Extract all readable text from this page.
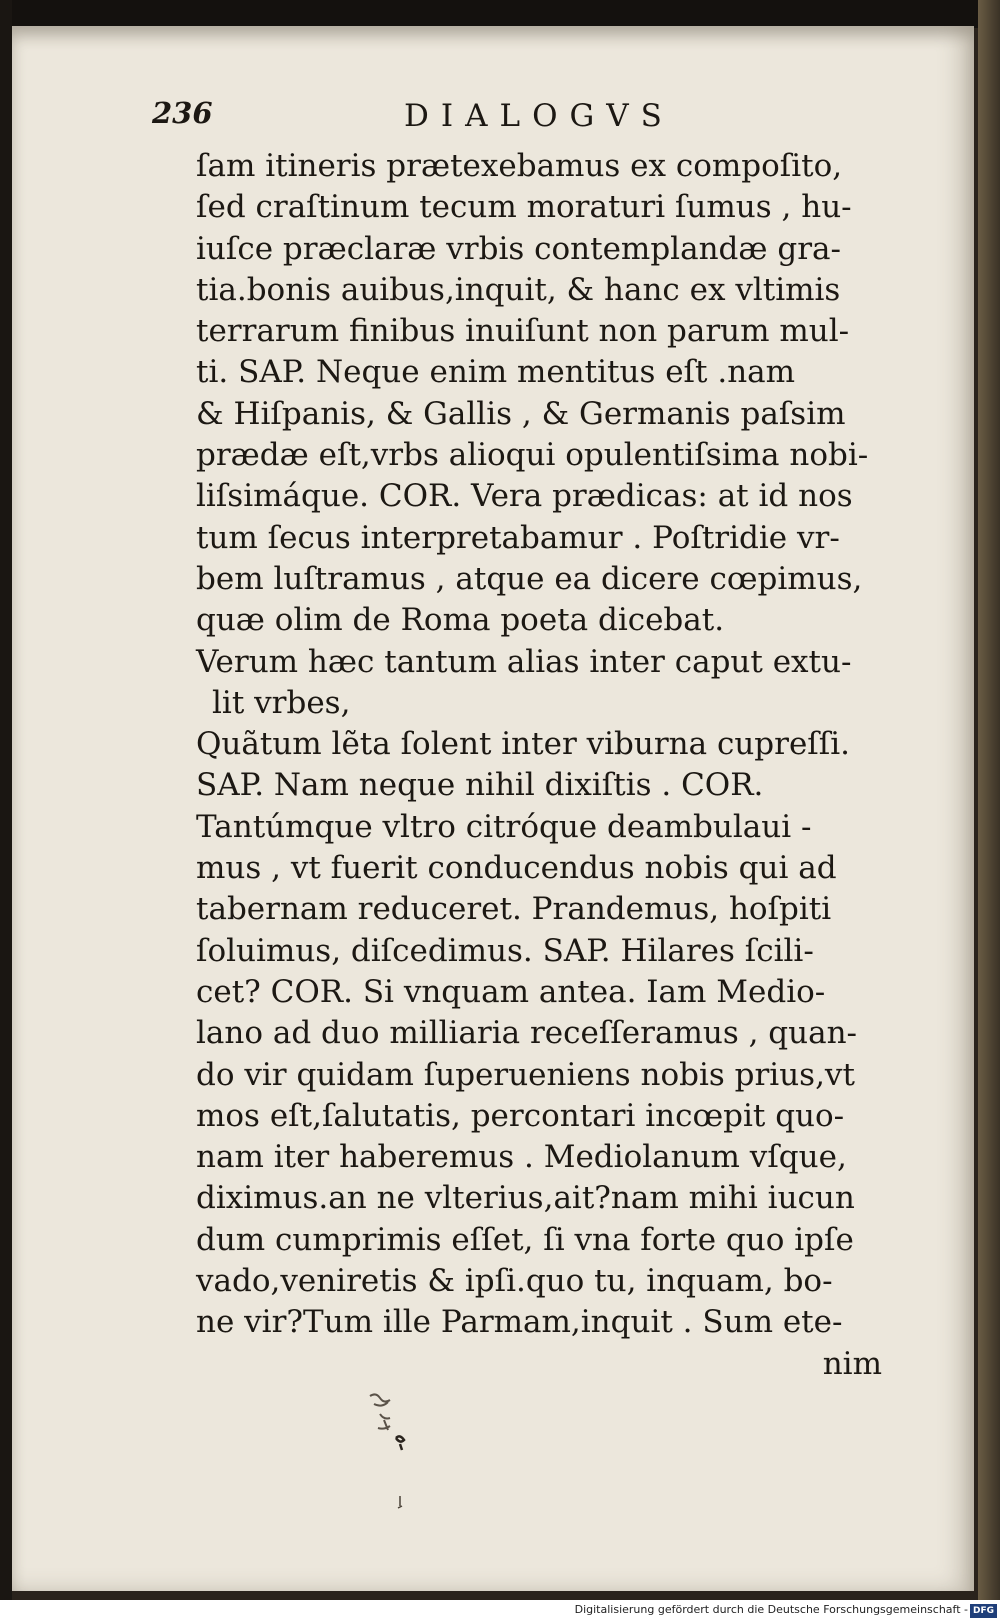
236	DIALOGVS
ſam itineris prætexebamus ex compoſito,
ſed craſtinum tecum moraturi ſumus , hu-
iuſce præclaræ vrbis contemplandæ gra-
tia.bonis auibus,inquit, & hanc ex vltimis
terrarum finibus inuiſunt non parum mul-
ti. SAP. Neque enim mentitus eſt .nam
& Hiſpanis, & Gallis , & Germanis paſsim
prædæ eſt,vrbs alioqui opulentiſsima nobi-
liſsimáque. COR. Vera prædicas: at id nos
tum ſecus interpretabamur . Poſtridie vr-
bem luſtramus , atque ea dicere cœpimus,
quæ olim de Roma poeta dicebat.
Verum hæc tantum alias inter caput extu-
lit vrbes,
Quãtum lẽta ſolent inter viburna cupreſſi.
SAP. Nam neque nihil dixiſtis . COR.
Tantúmque vltro citróque deambulaui -
mus , vt fuerit conducendus nobis qui ad
tabernam reduceret. Prandemus, hoſpiti
ſoluimus, diſcedimus. SAP. Hilares ſcili-
cet? COR. Si vnquam antea. Iam Medio-
lano ad duo milliaria receſſeramus , quan-
do vir quidam ſuperueniens nobis prius,vt
mos eſt,ſalutatis, percontari incœpit quo-
nam iter haberemus . Mediolanum vſque,
diximus.an ne vlterius,ait?nam mihi iucun
dum cumprimis eſſet, ſi vna forte quo ipſe
vado,veniretis & ipſi.quo tu, inquam, bo-
ne vir?Tum ille Parmam,inquit . Sum ete-
nim
Digitalisierung gefördert durch die Deutsche Forschungsgemeinschaft - DFG
